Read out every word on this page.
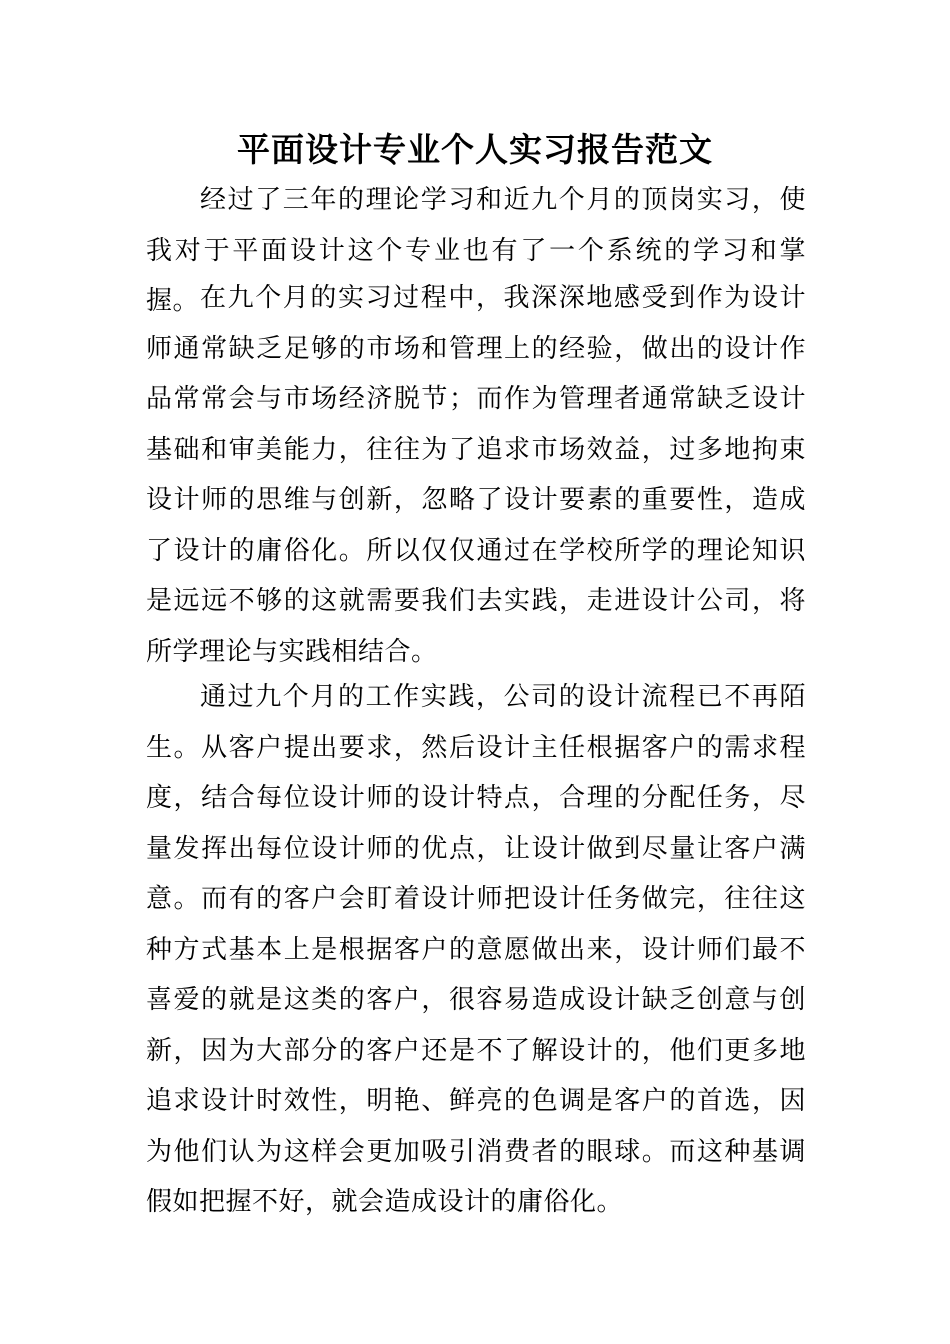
平面设计专业个人实习报告范文

经过了三年的理论学习和近九个月的顶岗实习，使我对于平面设计这个专业也有了一个系统的学习和掌握。 在九个月的实习过程中，我深深地感受到作为设计师通常缺乏足够的市场和管理上的经验，做出的设计作品常常会与市场经济脱节；而作为管理者通常缺乏设计基础和审美能力，往往为了追求市场效益，过多地拘束设计师的思维与创新，忽略了设计要素的重要性，造成了设计的庸俗化。所以仅仅通过在学校所学的理论知识是远远不够的这就需要我们去实践，走进设计公司，将所学理论与实践相结合。

通过九个月的工作实践，公司的设计流程已不再陌生。从客户提出要求，然后设计主任根据客户的需求程度，结合每位设计师的设计特点，合理的分配任务，尽量发挥出每位设计师的优点，让设计做到尽量让客户满意。而有的客户会盯着设计师把设计任务做完，往往这种方式基本上是根据客户的意愿做出来，设计师们最不喜爱的就是这类的客户，很容易造成设计缺乏创意与创新，因为大部分的客户还是不了解设计的，他们更多地追求设计时效性，明艳、鲜亮的色调是客户的首选，因为他们认为这样会更加吸引消费者的眼球。而这种基调假如把握不好，就会造成设计的庸俗化。
